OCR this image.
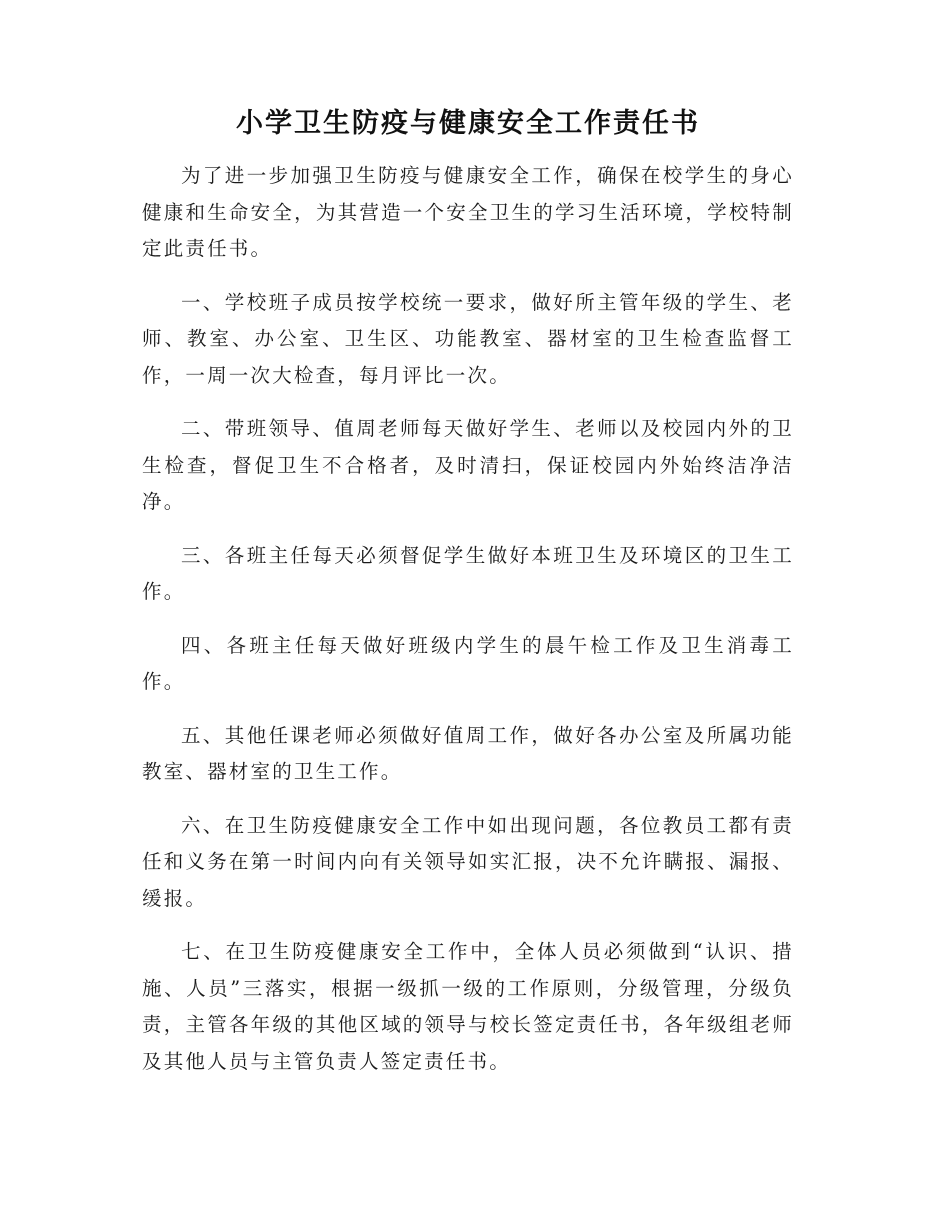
小学卫生防疫与健康安全工作责任书

为了进一步加强卫生防疫与健康安全工作，确保在校学生的身心健康和生命安全，为其营造一个安全卫生的学习生活环境，学校特制定此责任书。

一、学校班子成员按学校统一要求，做好所主管年级的学生、老师、教室、办公室、卫生区、功能教室、器材室的卫生检查监督工作，一周一次大检查，每月评比一次。

二、带班领导、值周老师每天做好学生、老师以及校园内外的卫生检查，督促卫生不合格者，及时清扫，保证校园内外始终洁净洁净。

三、各班主任每天必须督促学生做好本班卫生及环境区的卫生工作。

四、各班主任每天做好班级内学生的晨午检工作及卫生消毒工作。

五、其他任课老师必须做好值周工作，做好各办公室及所属功能教室、器材室的卫生工作。

六、在卫生防疫健康安全工作中如出现问题，各位教员工都有责任和义务在第一时间内向有关领导如实汇报，决不允许瞒报、漏报、缓报。

七、在卫生防疫健康安全工作中，全体人员必须做到“认识、措施、人员”三落实，根据一级抓一级的工作原则，分级管理，分级负责，主管各年级的其他区域的领导与校长签定责任书，各年级组老师及其他人员与主管负责人签定责任书。
